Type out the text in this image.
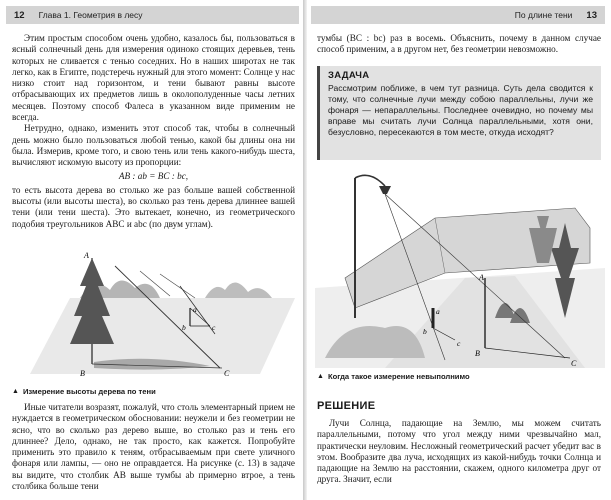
12	Глава 1. Геометрия в лесу

Этим простым способом очень удобно, казалось бы, пользоваться в ясный солнечный день для измерения одиноко стоящих деревьев, тень которых не сливается с тенью соседних. Но в наших широтах не так легко, как в Египте, подстеречь нужный для этого момент: Солнце у нас низко стоит над горизонтом, и тени бывают равны высоте отбрасывающих их предметов лишь в околополуденные часы летних месяцев. Поэтому способ Фалеса в указанном виде применим не всегда.

Нетрудно, однако, изменить этот способ так, чтобы в солнечный день можно было пользоваться любой тенью, какой бы длины она ни была. Измерив, кроме того, и свою тень или тень какого-нибудь шеста, вычисляют искомую высоту из пропорции:

AB : ab = BC : bc,

то есть высота дерева во столько же раз больше вашей собственной высоты (или высоты шеста), во сколько раз тень дерева длиннее вашей тени (или тени шеста). Это вытекает, конечно, из геометрического подобия треугольников ABC и abc (по двум углам).

A
B	C
a
b	c
▲ Измерение высоты дерева по тени

Иные читатели возразят, пожалуй, что столь элементарный прием не нуждается в геометрическом обосновании: неужели и без геометрии не ясно, что во сколько раз дерево выше, во столько раз и тень его длиннее? Дело, однако, не так просто, как кажется. Попробуйте применить это правило к теням, отбрасываемым при свете уличного фонаря или лампы, — оно не оправдается. На рисунке (с. 13) в задаче вы видите, что столбик AB выше тумбы ab примерно втрое, а тень столбика больше тени

По длине тени	13

тумбы (BC : bc) раз в восемь. Объяснить, почему в данном случае способ применим, а в другом нет, без геометрии невозможно.

ЗАДАЧА
Рассмотрим поближе, в чем тут разница. Суть дела сводится к тому, что солнечные лучи между собою параллельны, лучи же фонаря — непараллельны. Последнее очевидно, но почему мы вправе мы считать лучи Солнца параллельными, хотя они, безусловно, пересекаются в том месте, откуда исходят?
A
B
C
a
b
c
▲ Когда такое измерение невыполнимо
РЕШЕНИЕ

Лучи Солнца, падающие на Землю, мы можем считать параллельными, потому что угол между ними чрезвычайно мал, практически неуловим. Несложный геометрический расчет убедит вас в этом. Вообразите два луча, исходящих из какой-нибудь точки Солнца и падающие на Землю на расстоянии, скажем, одного километра друг от друга. Значит, если
